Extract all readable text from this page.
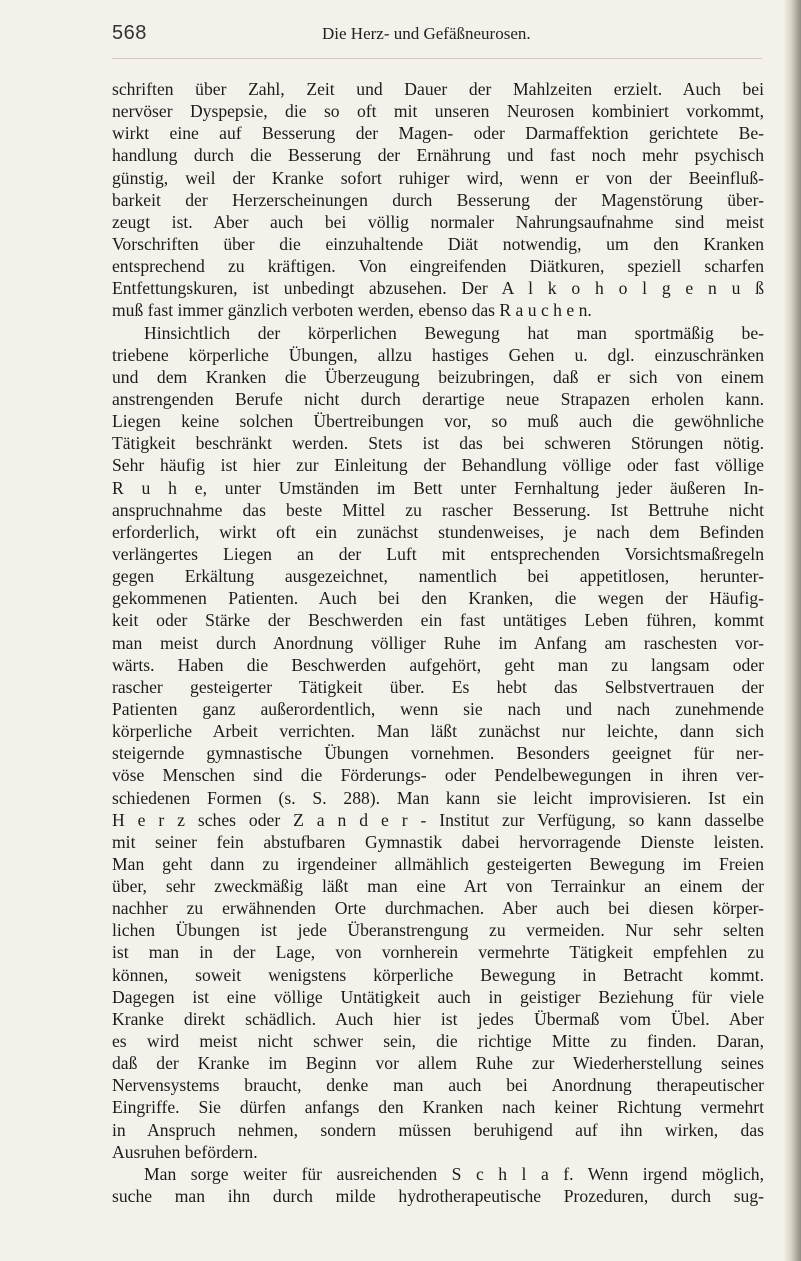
568	Die Herz- und Gefäßneurosen.
schriften über Zahl, Zeit und Dauer der Mahlzeiten erzielt. Auch bei
nervöser Dyspepsie, die so oft mit unseren Neurosen kombiniert vorkommt,
wirkt eine auf Besserung der Magen- oder Darmaffektion gerichtete Be-
handlung durch die Besserung der Ernährung und fast noch mehr psychisch
günstig, weil der Kranke sofort ruhiger wird, wenn er von der Beeinfluß-
barkeit der Herzerscheinungen durch Besserung der Magenstörung über-
zeugt ist. Aber auch bei völlig normaler Nahrungsaufnahme sind meist
Vorschriften über die einzuhaltende Diät notwendig, um den Kranken
entsprechend zu kräftigen. Von eingreifenden Diätkuren, speziell scharfen
Entfettungskuren, ist unbedingt abzusehen. Der A l k o h o l g e n u ß
muß fast immer gänzlich verboten werden, ebenso das R a u c h e n.
Hinsichtlich der körperlichen Bewegung hat man sportmäßig be-
triebene körperliche Übungen, allzu hastiges Gehen u. dgl. einzuschränken
und dem Kranken die Überzeugung beizubringen, daß er sich von einem
anstrengenden Berufe nicht durch derartige neue Strapazen erholen kann.
Liegen keine solchen Übertreibungen vor, so muß auch die gewöhnliche
Tätigkeit beschränkt werden. Stets ist das bei schweren Störungen nötig.
Sehr häufig ist hier zur Einleitung der Behandlung völlige oder fast völlige
R u h e, unter Umständen im Bett unter Fernhaltung jeder äußeren In-
anspruchnahme das beste Mittel zu rascher Besserung. Ist Bettruhe nicht
erforderlich, wirkt oft ein zunächst stundenweises, je nach dem Befinden
verlängertes Liegen an der Luft mit entsprechenden Vorsichtsmaßregeln
gegen Erkältung ausgezeichnet, namentlich bei appetitlosen, herunter-
gekommenen Patienten. Auch bei den Kranken, die wegen der Häufig-
keit oder Stärke der Beschwerden ein fast untätiges Leben führen, kommt
man meist durch Anordnung völliger Ruhe im Anfang am raschesten vor-
wärts. Haben die Beschwerden aufgehört, geht man zu langsam oder
rascher gesteigerter Tätigkeit über. Es hebt das Selbstvertrauen der
Patienten ganz außerordentlich, wenn sie nach und nach zunehmende
körperliche Arbeit verrichten. Man läßt zunächst nur leichte, dann sich
steigernde gymnastische Übungen vornehmen. Besonders geeignet für ner-
vöse Menschen sind die Förderungs- oder Pendelbewegungen in ihren ver-
schiedenen Formen (s. S. 288). Man kann sie leicht improvisieren. Ist ein
H e r z sches oder Z a n d e r - Institut zur Verfügung, so kann dasselbe
mit seiner fein abstufbaren Gymnastik dabei hervorragende Dienste leisten.
Man geht dann zu irgendeiner allmählich gesteigerten Bewegung im Freien
über, sehr zweckmäßig läßt man eine Art von Terrainkur an einem der
nachher zu erwähnenden Orte durchmachen. Aber auch bei diesen körper-
lichen Übungen ist jede Überanstrengung zu vermeiden. Nur sehr selten
ist man in der Lage, von vornherein vermehrte Tätigkeit empfehlen zu
können, soweit wenigstens körperliche Bewegung in Betracht kommt.
Dagegen ist eine völlige Untätigkeit auch in geistiger Beziehung für viele
Kranke direkt schädlich. Auch hier ist jedes Übermaß vom Übel. Aber
es wird meist nicht schwer sein, die richtige Mitte zu finden. Daran,
daß der Kranke im Beginn vor allem Ruhe zur Wiederherstellung seines
Nervensystems braucht, denke man auch bei Anordnung therapeutischer
Eingriffe. Sie dürfen anfangs den Kranken nach keiner Richtung vermehrt
in Anspruch nehmen, sondern müssen beruhigend auf ihn wirken, das
Ausruhen befördern.
Man sorge weiter für ausreichenden S c h l a f. Wenn irgend möglich,
suche man ihn durch milde hydrotherapeutische Prozeduren, durch sug-
